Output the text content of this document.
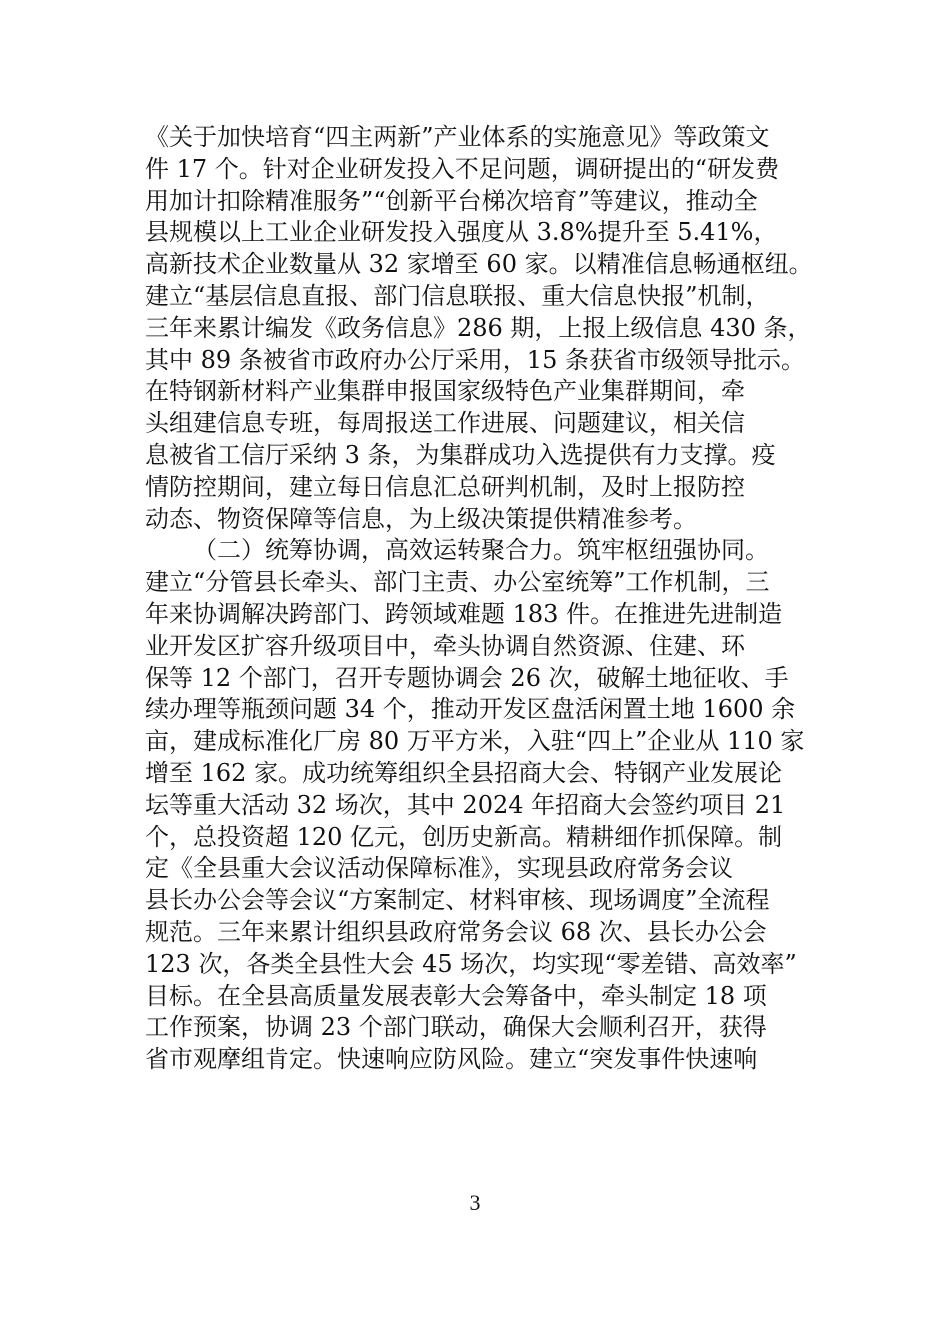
《关于加快培育“四主两新”产业体系的实施意见》等政策文
件 17 个。针对企业研发投入不足问题，调研提出的“研发费
用加计扣除精准服务”“创新平台梯次培育”等建议，推动全
县规模以上工业企业研发投入强度从 3.8%提升至 5.41%，
高新技术企业数量从 32 家增至 60 家。以精准信息畅通枢纽。
建立“基层信息直报、部门信息联报、重大信息快报”机制，
三年来累计编发《政务信息》286 期，上报上级信息 430 条，
其中 89 条被省市政府办公厅采用，15 条获省市级领导批示。
在特钢新材料产业集群申报国家级特色产业集群期间，牵
头组建信息专班，每周报送工作进展、问题建议，相关信
息被省工信厅采纳 3 条，为集群成功入选提供有力支撑。疫
情防控期间，建立每日信息汇总研判机制，及时上报防控
动态、物资保障等信息，为上级决策提供精准参考。
（二）统筹协调，高效运转聚合力。筑牢枢纽强协同。
建立“分管县长牵头、部门主责、办公室统筹”工作机制，三
年来协调解决跨部门、跨领域难题 183 件。在推进先进制造
业开发区扩容升级项目中，牵头协调自然资源、住建、环
保等 12 个部门，召开专题协调会 26 次，破解土地征收、手
续办理等瓶颈问题 34 个，推动开发区盘活闲置土地 1600 余
亩，建成标准化厂房 80 万平方米，入驻“四上”企业从 110 家
增至 162 家。成功统筹组织全县招商大会、特钢产业发展论
坛等重大活动 32 场次，其中 2024 年招商大会签约项目 21
个，总投资超 120 亿元，创历史新高。精耕细作抓保障。制
定《全县重大会议活动保障标准》，实现县政府常务会议
县长办公会等会议“方案制定、材料审核、现场调度”全流程
规范。三年来累计组织县政府常务会议 68 次、县长办公会
123 次，各类全县性大会 45 场次，均实现“零差错、高效率”
目标。在全县高质量发展表彰大会筹备中，牵头制定 18 项
工作预案，协调 23 个部门联动，确保大会顺利召开，获得
省市观摩组肯定。快速响应防风险。建立“突发事件快速响
3
